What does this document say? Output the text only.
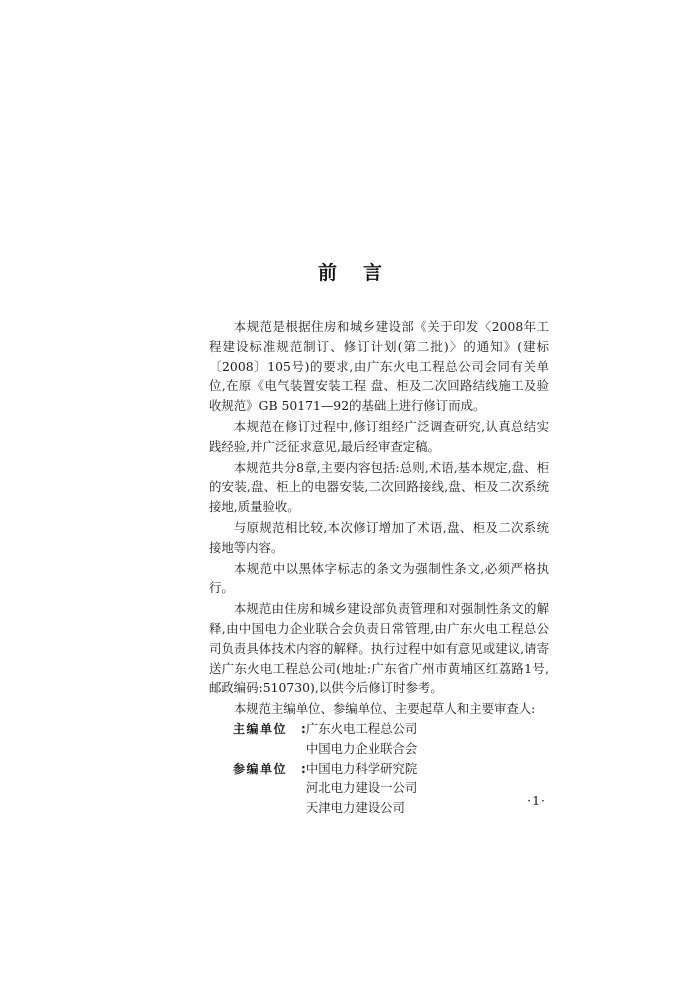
前言

本规范是根据住房和城乡建设部《关于印发〈2008年工程建设标准规范制订、修订计划(第二批)〉的通知》(建标〔2008〕105号)的要求,由广东火电工程总公司会同有关单位,在原《电气装置安装工程 盘、柜及二次回路结线施工及验收规范》GB 50171—92的基础上进行修订而成。

本规范在修订过程中,修订组经广泛调查研究,认真总结实践经验,并广泛征求意见,最后经审查定稿。

本规范共分8章,主要内容包括:总则,术语,基本规定,盘、柜的安装,盘、柜上的电器安装,二次回路接线,盘、柜及二次系统接地,质量验收。

与原规范相比较,本次修订增加了术语,盘、柜及二次系统接地等内容。

本规范中以黑体字标志的条文为强制性条文,必须严格执行。

本规范由住房和城乡建设部负责管理和对强制性条文的解释,由中国电力企业联合会负责日常管理,由广东火电工程总公司负责具体技术内容的解释。执行过程中如有意见或建议,请寄送广东火电工程总公司(地址:广东省广州市黄埔区红荔路1号,邮政编码:510730),以供今后修订时参考。

本规范主编单位、参编单位、主要起草人和主要审查人:

主编单位	: 广东火电工程总公司
中国电力企业联合会
参编单位	: 中国电力科学研究院
河北电力建设一公司
天津电力建设公司	·1·
